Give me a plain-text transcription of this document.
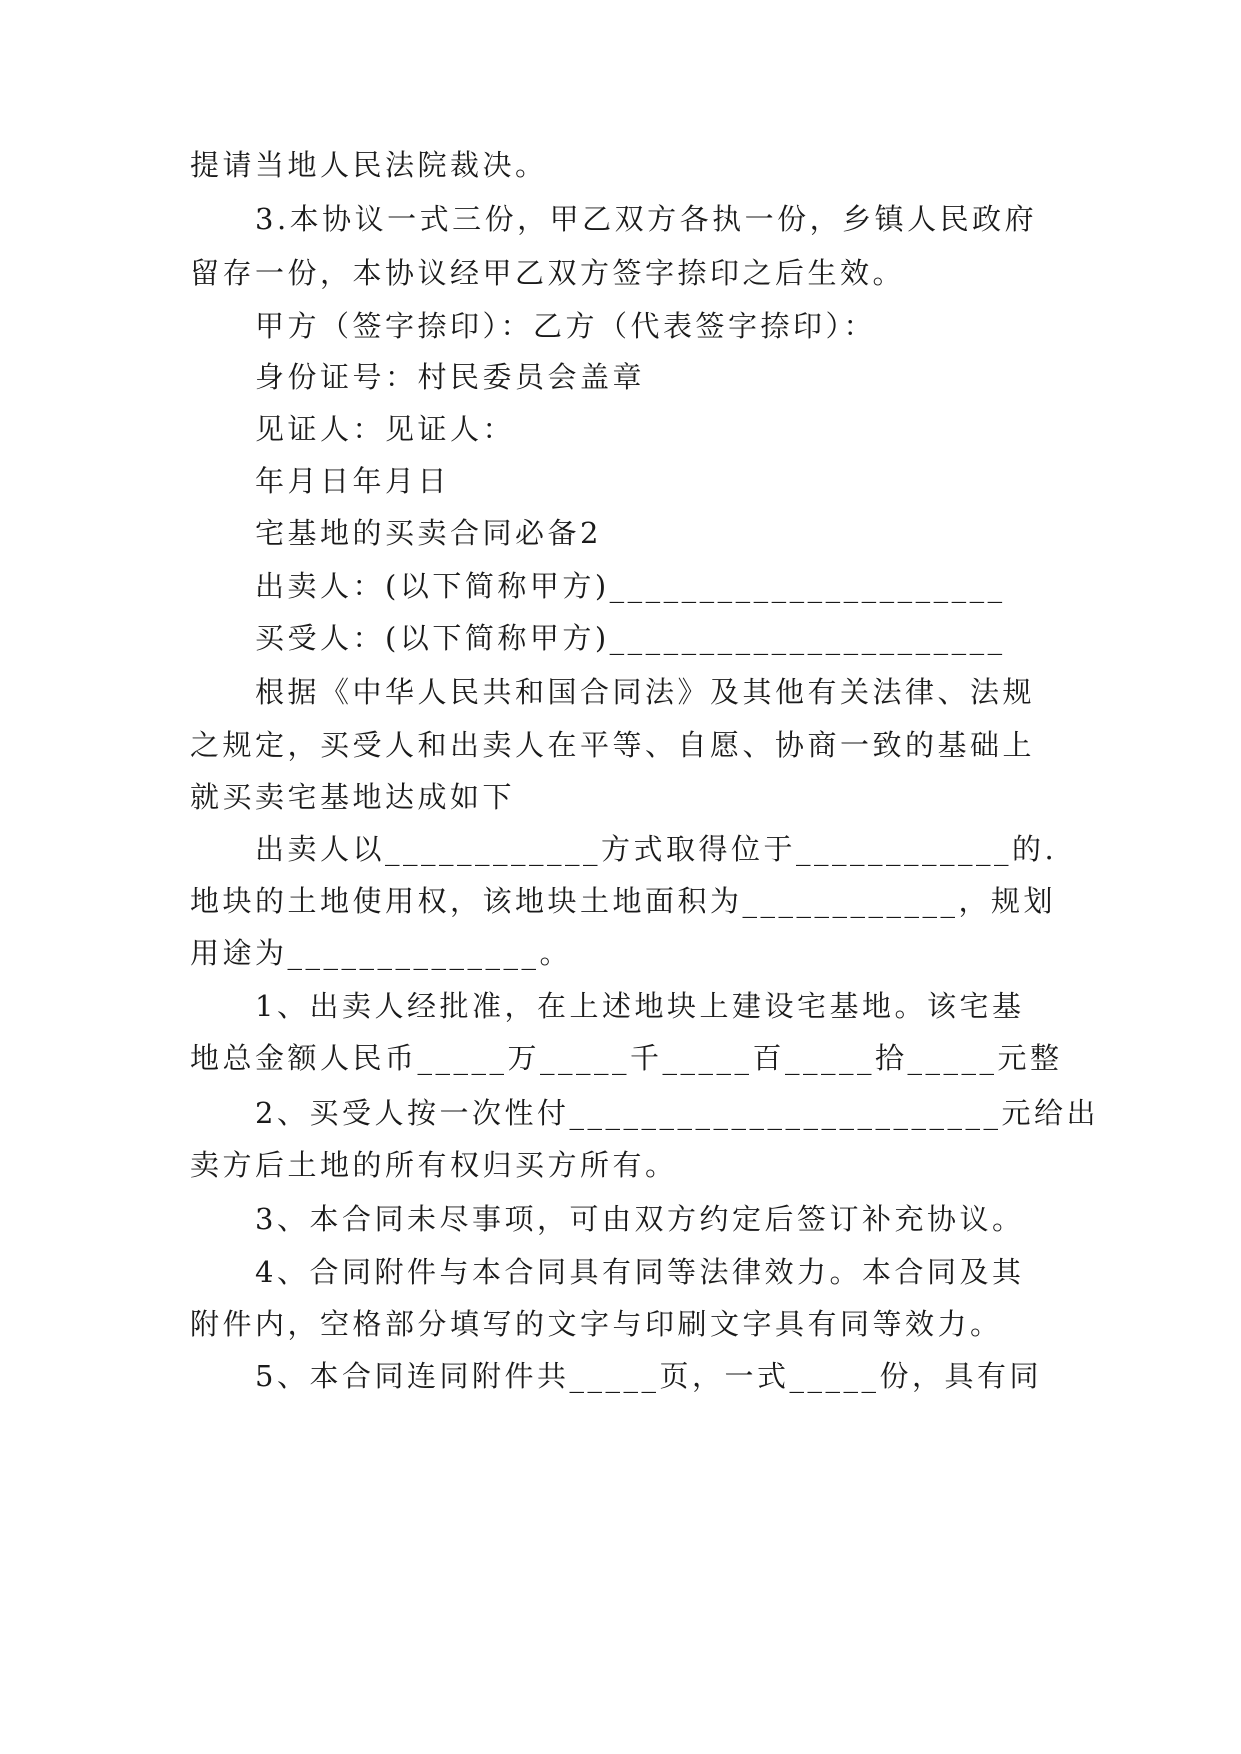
提请当地人民法院裁决。
3.本协议一式三份，甲乙双方各执一份，乡镇人民政府
留存一份，本协议经甲乙双方签字捺印之后生效。
甲方（签字捺印）：乙方（代表签字捺印）：
身份证号：村民委员会盖章
见证人：见证人：
年月日年月日
宅基地的买卖合同必备2
出卖人：(以下简称甲方)______________________
买受人：(以下简称甲方)______________________
根据《中华人民共和国合同法》及其他有关法律、法规
之规定，买受人和出卖人在平等、自愿、协商一致的基础上
就买卖宅基地达成如下
出卖人以____________方式取得位于____________的.
地块的土地使用权，该地块土地面积为____________，规划
用途为______________。
1、出卖人经批准，在上述地块上建设宅基地。该宅基
地总金额人民币_____万_____千_____百_____拾_____元整
2、买受人按一次性付________________________元给出
卖方后土地的所有权归买方所有。
3、本合同未尽事项，可由双方约定后签订补充协议。
4、合同附件与本合同具有同等法律效力。本合同及其
附件内，空格部分填写的文字与印刷文字具有同等效力。
5、本合同连同附件共_____页，一式_____份，具有同
